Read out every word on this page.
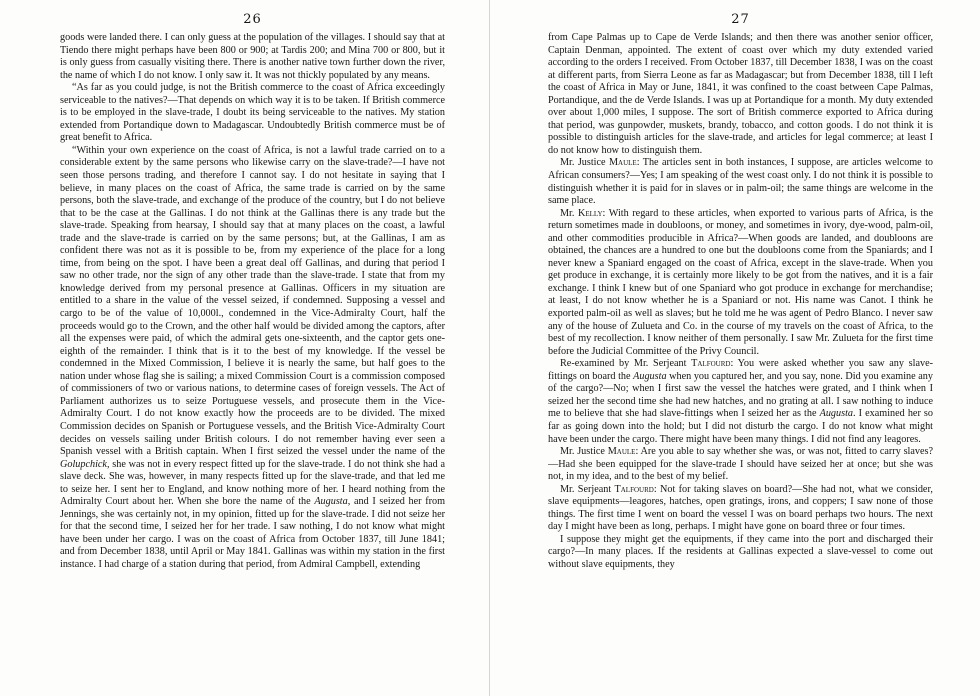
26

goods were landed there. I can only guess at the population of the villages. I should say that at Tiendo there might perhaps have been 800 or 900; at Tardis 200; and Mina 700 or 800, but it is only guess from casually visiting there. There is another native town further down the river, the name of which I do not know. I only saw it. It was not thickly populated by any means.

“As far as you could judge, is not the British commerce to the coast of Africa exceedingly serviceable to the natives?—That depends on which way it is to be taken. If British commerce is to be employed in the slave-trade, I doubt its being serviceable to the natives. My station extended from Portandique down to Madagascar. Undoubtedly British commerce must be of great benefit to Africa.

“Within your own experience on the coast of Africa, is not a lawful trade carried on to a considerable extent by the same persons who likewise carry on the slave-trade?—I have not seen those persons trading, and therefore I cannot say. I do not hesitate in saying that I believe, in many places on the coast of Africa, the same trade is carried on by the same persons, both the slave-trade, and exchange of the produce of the country, but I do not believe that to be the case at the Gallinas. I do not think at the Gallinas there is any trade but the slave-trade. Speaking from hearsay, I should say that at many places on the coast, a lawful trade and the slave-trade is carried on by the same persons; but, at the Gallinas, I am as confident there was not as it is possible to be, from my experience of the place for a long time, from being on the spot. I have been a great deal off Gallinas, and during that period I saw no other trade, nor the sign of any other trade than the slave-trade. I state that from my knowledge derived from my personal presence at Gallinas. Officers in my situation are entitled to a share in the value of the vessel seized, if condemned. Supposing a vessel and cargo to be of the value of 10,000l., condemned in the Vice-Admiralty Court, half the proceeds would go to the Crown, and the other half would be divided among the captors, after all the expenses were paid, of which the admiral gets one-sixteenth, and the captor gets one-eighth of the remainder. I think that is it to the best of my knowledge. If the vessel be condemned in the Mixed Commission, I believe it is nearly the same, but half goes to the nation under whose flag she is sailing; a mixed Commission Court is a commission composed of commissioners of two or various nations, to determine cases of foreign vessels. The Act of Parliament authorizes us to seize Portuguese vessels, and prosecute them in the Vice-Admiralty Court. I do not know exactly how the proceeds are to be divided. The mixed Commission decides on Spanish or Portuguese vessels, and the British Vice-Admiralty Court decides on vessels sailing under British colours. I do not remember having ever seen a Spanish vessel with a British captain. When I first seized the vessel under the name of the Golupchick, she was not in every respect fitted up for the slave-trade. I do not think she had a slave deck. She was, however, in many respects fitted up for the slave-trade, and that led me to seize her. I sent her to England, and know nothing more of her. I heard nothing from the Admiralty Court about her. When she bore the name of the Augusta, and I seized her from Jennings, she was certainly not, in my opinion, fitted up for the slave-trade. I did not seize her for that the second time, I seized her for her trade. I saw nothing, I do not know what might have been under her cargo. I was on the coast of Africa from October 1837, till June 1841; and from December 1838, until April or May 1841. Gallinas was within my station in the first instance. I had charge of a station during that period, from Admiral Campbell, extending

27

from Cape Palmas up to Cape de Verde Islands; and then there was another senior officer, Captain Denman, appointed. The extent of coast over which my duty extended varied according to the orders I received. From October 1837, till December 1838, I was on the coast at different parts, from Sierra Leone as far as Madagascar; but from December 1838, till I left the coast of Africa in May or June, 1841, it was confined to the coast between Cape Palmas, Portandique, and the de Verde Islands. I was up at Portandique for a month. My duty extended over about 1,000 miles, I suppose. The sort of British commerce exported to Africa during that period, was gunpowder, muskets, brandy, tobacco, and cotton goods. I do not think it is possible to distinguish articles for the slave-trade, and articles for legal commerce; at least I do not know how to distinguish them.

Mr. Justice Maule: The articles sent in both instances, I suppose, are articles welcome to African consumers?—Yes; I am speaking of the west coast only. I do not think it is possible to distinguish whether it is paid for in slaves or in palm-oil; the same things are welcome in the same place.

Mr. Kelly: With regard to these articles, when exported to various parts of Africa, is the return sometimes made in doubloons, or money, and sometimes in ivory, dye-wood, palm-oil, and other commodities producible in Africa?—When goods are landed, and doubloons are obtained, the chances are a hundred to one but the doubloons come from the Spaniards; and I never knew a Spaniard engaged on the coast of Africa, except in the slave-trade. When you get produce in exchange, it is certainly more likely to be got from the natives, and it is a fair exchange. I think I knew but of one Spaniard who got produce in exchange for merchandise; at least, I do not know whether he is a Spaniard or not. His name was Canot. I think he exported palm-oil as well as slaves; but he told me he was agent of Pedro Blanco. I never saw any of the house of Zulueta and Co. in the course of my travels on the coast of Africa, to the best of my recollection. I know neither of them personally. I saw Mr. Zulueta for the first time before the Judicial Committee of the Privy Council.

Re-examined by Mr. Serjeant Talfourd: You were asked whether you saw any slave-fittings on board the Augusta when you captured her, and you say, none. Did you examine any of the cargo?—No; when I first saw the vessel the hatches were grated, and I think when I seized her the second time she had new hatches, and no grating at all. I saw nothing to induce me to believe that she had slave-fittings when I seized her as the Augusta. I examined her so far as going down into the hold; but I did not disturb the cargo. I do not know what might have been under the cargo. There might have been many things. I did not find any leagores.

Mr. Justice Maule: Are you able to say whether she was, or was not, fitted to carry slaves?—Had she been equipped for the slave-trade I should have seized her at once; but she was not, in my idea, and to the best of my belief.

Mr. Serjeant Talfourd: Not for taking slaves on board?—She had not, what we consider, slave equipments—leagores, hatches, open gratings, irons, and coppers; I saw none of those things. The first time I went on board the vessel I was on board perhaps two hours. The next day I might have been as long, perhaps. I might have gone on board three or four times.

I suppose they might get the equipments, if they came into the port and discharged their cargo?—In many places. If the residents at Gallinas expected a slave-vessel to come out without slave equipments, they
